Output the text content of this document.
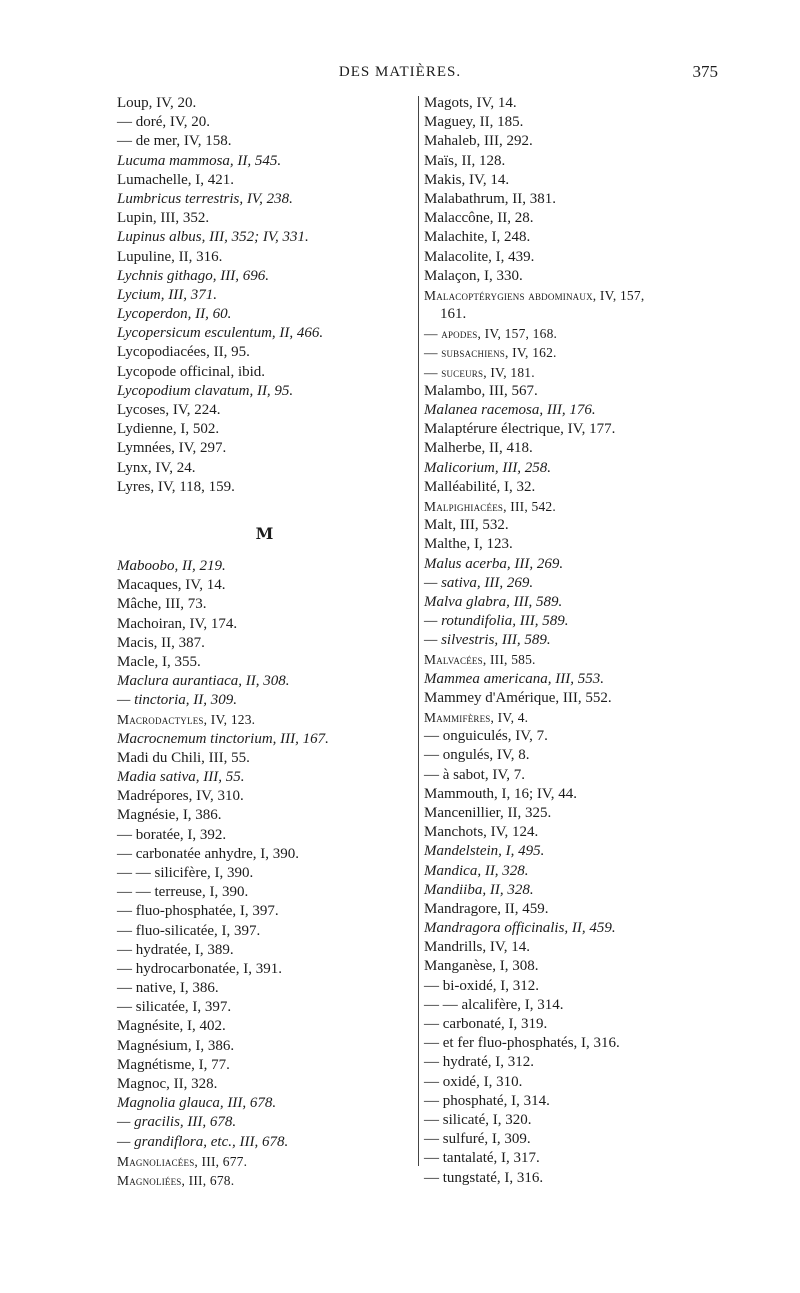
DES MATIÈRES.	375
Loup, IV, 20.
— doré, IV, 20.
— de mer, IV, 158.
Lucuma mammosa, II, 545.
Lumachelle, I, 421.
Lumbricus terrestris, IV, 238.
Lupin, III, 352.
Lupinus albus, III, 352; IV, 331.
Lupuline, II, 316.
Lychnis githago, III, 696.
Lycium, III, 371.
Lycoperdon, II, 60.
Lycopersicum esculentum, II, 466.
Lycopodiacées, II, 95.
Lycopode officinal, ibid.
Lycopodium clavatum, II, 95.
Lycoses, IV, 224.
Lydienne, I, 502.
Lymnées, IV, 297.
Lynx, IV, 24.
Lyres, IV, 118, 159.
M
Maboobo, II, 219.
Macaques, IV, 14.
Mâche, III, 73.
Machoiran, IV, 174.
Macis, II, 387.
Macle, I, 355.
Maclura aurantiaca, II, 308.
— tinctoria, II, 309.
Macrodactyles, IV, 123.
Macrocnemum tinctorium, III, 167.
Madi du Chili, III, 55.
Madia sativa, III, 55.
Madrépores, IV, 310.
Magnésie, I, 386.
— boratée, I, 392.
— carbonatée anhydre, I, 390.
— — silicifère, I, 390.
— — terreuse, I, 390.
— fluo-phosphatée, I, 397.
— fluo-silicatée, I, 397.
— hydratée, I, 389.
— hydrocarbonatée, I, 391.
— native, I, 386.
— silicatée, I, 397.
Magnésite, I, 402.
Magnésium, I, 386.
Magnétisme, I, 77.
Magnoc, II, 328.
Magnolia glauca, III, 678.
— gracilis, III, 678.
— grandiflora, etc., III, 678.
Magnoliacées, III, 677.
Magnoliées, III, 678.
Magots, IV, 14.
Maguey, II, 185.
Mahaleb, III, 292.
Maïs, II, 128.
Makis, IV, 14.
Malabathrum, II, 381.
Malaccône, II, 28.
Malachite, I, 248.
Malacolite, I, 439.
Malaçon, I, 330.
Malacoptérygiens abdominaux, IV, 157,
161.
— apodes, IV, 157, 168.
— subsachiens, IV, 162.
— suceurs, IV, 181.
Malambo, III, 567.
Malanea racemosa, III, 176.
Malaptérure électrique, IV, 177.
Malherbe, II, 418.
Malicorium, III, 258.
Malléabilité, I, 32.
Malpighiacées, III, 542.
Malt, III, 532.
Malthe, I, 123.
Malus acerba, III, 269.
— sativa, III, 269.
Malva glabra, III, 589.
— rotundifolia, III, 589.
— silvestris, III, 589.
Malvacées, III, 585.
Mammea americana, III, 553.
Mammey d'Amérique, III, 552.
Mammifères, IV, 4.
— onguiculés, IV, 7.
— ongulés, IV, 8.
— à sabot, IV, 7.
Mammouth, I, 16; IV, 44.
Mancenillier, II, 325.
Manchots, IV, 124.
Mandelstein, I, 495.
Mandica, II, 328.
Mandiiba, II, 328.
Mandragore, II, 459.
Mandragora officinalis, II, 459.
Mandrills, IV, 14.
Manganèse, I, 308.
— bi-oxidé, I, 312.
— — alcalifère, I, 314.
— carbonaté, I, 319.
— et fer fluo-phosphatés, I, 316.
— hydraté, I, 312.
— oxidé, I, 310.
— phosphaté, I, 314.
— silicaté, I, 320.
— sulfuré, I, 309.
— tantalaté, I, 317.
— tungstaté, I, 316.
